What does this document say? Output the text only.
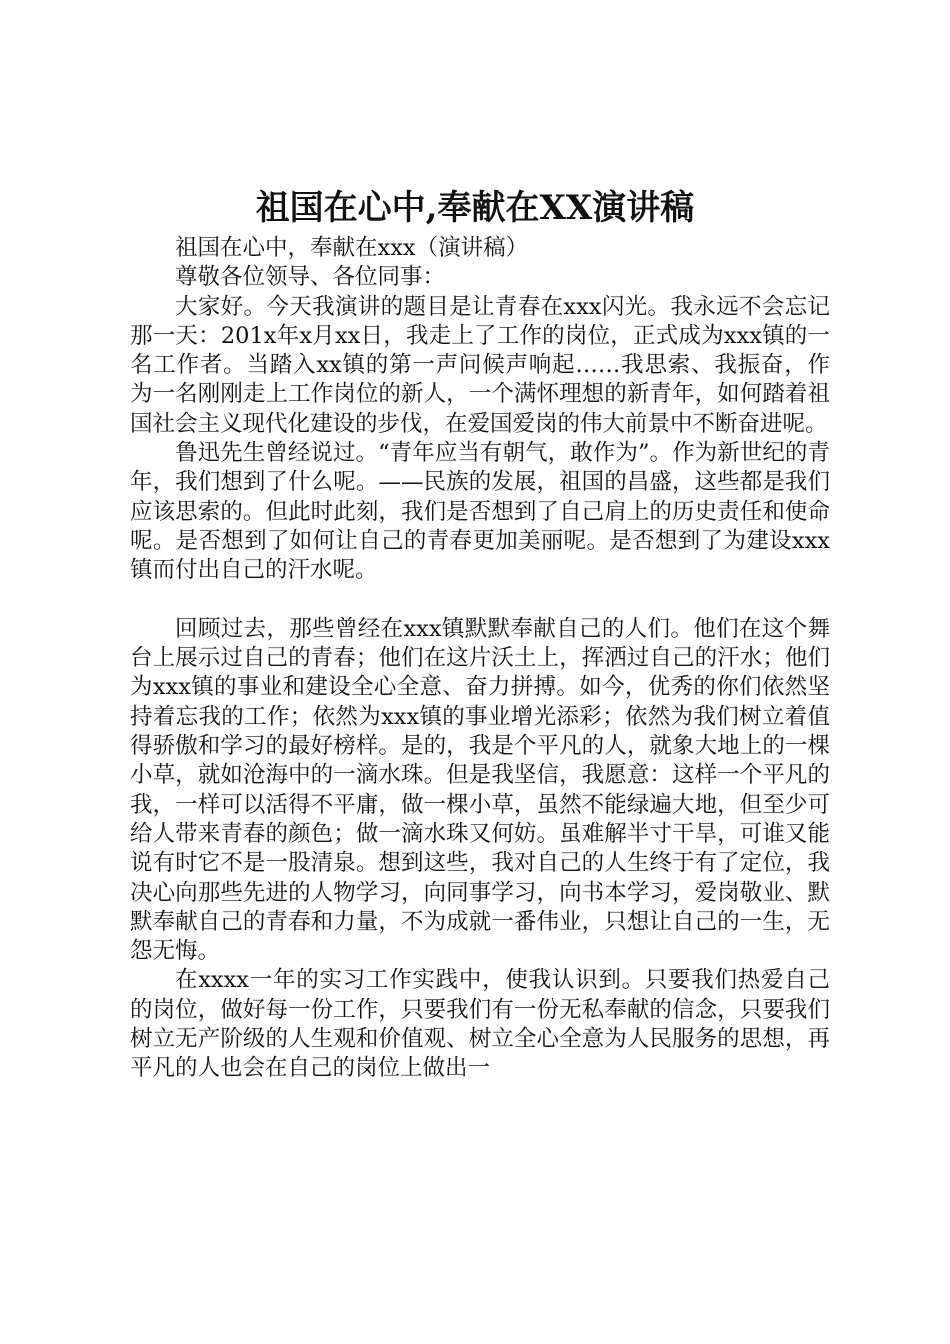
祖国在心中,奉献在XX演讲稿

祖国在心中，奉献在xxx（演讲稿）

尊敬各位领导、各位同事：

大家好。今天我演讲的题目是让青春在xxx闪光。我永远不会忘记那一天：201x年x月xx日，我走上了工作的岗位，正式成为xxx镇的一名工作者。当踏入xx镇的第一声问候声响起……我思索、我振奋，作为一名刚刚走上工作岗位的新人，一个满怀理想的新青年，如何踏着祖国社会主义现代化建设的步伐，在爱国爱岗的伟大前景中不断奋进呢。

鲁迅先生曾经说过。“青年应当有朝气，敢作为”。作为新世纪的青年，我们想到了什么呢。——民族的发展，祖国的昌盛，这些都是我们应该思索的。但此时此刻，我们是否想到了自己肩上的历史责任和使命呢。是否想到了如何让自己的青春更加美丽呢。是否想到了为建设xxx镇而付出自己的汗水呢。

回顾过去，那些曾经在xxx镇默默奉献自己的人们。他们在这个舞台上展示过自己的青春；他们在这片沃土上，挥洒过自己的汗水；他们为xxx镇的事业和建设全心全意、奋力拼搏。如今，优秀的你们依然坚持着忘我的工作；依然为xxx镇的事业增光添彩；依然为我们树立着值得骄傲和学习的最好榜样。是的，我是个平凡的人，就象大地上的一棵小草，就如沧海中的一滴水珠。但是我坚信，我愿意：这样一个平凡的我，一样可以活得不平庸，做一棵小草，虽然不能绿遍大地，但至少可给人带来青春的颜色；做一滴水珠又何妨。虽难解半寸干旱，可谁又能说有时它不是一股清泉。想到这些，我对自己的人生终于有了定位，我决心向那些先进的人物学习，向同事学习，向书本学习，爱岗敬业、默默奉献自己的青春和力量，不为成就一番伟业，只想让自己的一生，无怨无悔。

在xxxx一年的实习工作实践中，使我认识到。只要我们热爱自己的岗位，做好每一份工作，只要我们有一份无私奉献的信念，只要我们树立无产阶级的人生观和价值观、树立全心全意为人民服务的思想，再平凡的人也会在自己的岗位上做出一
